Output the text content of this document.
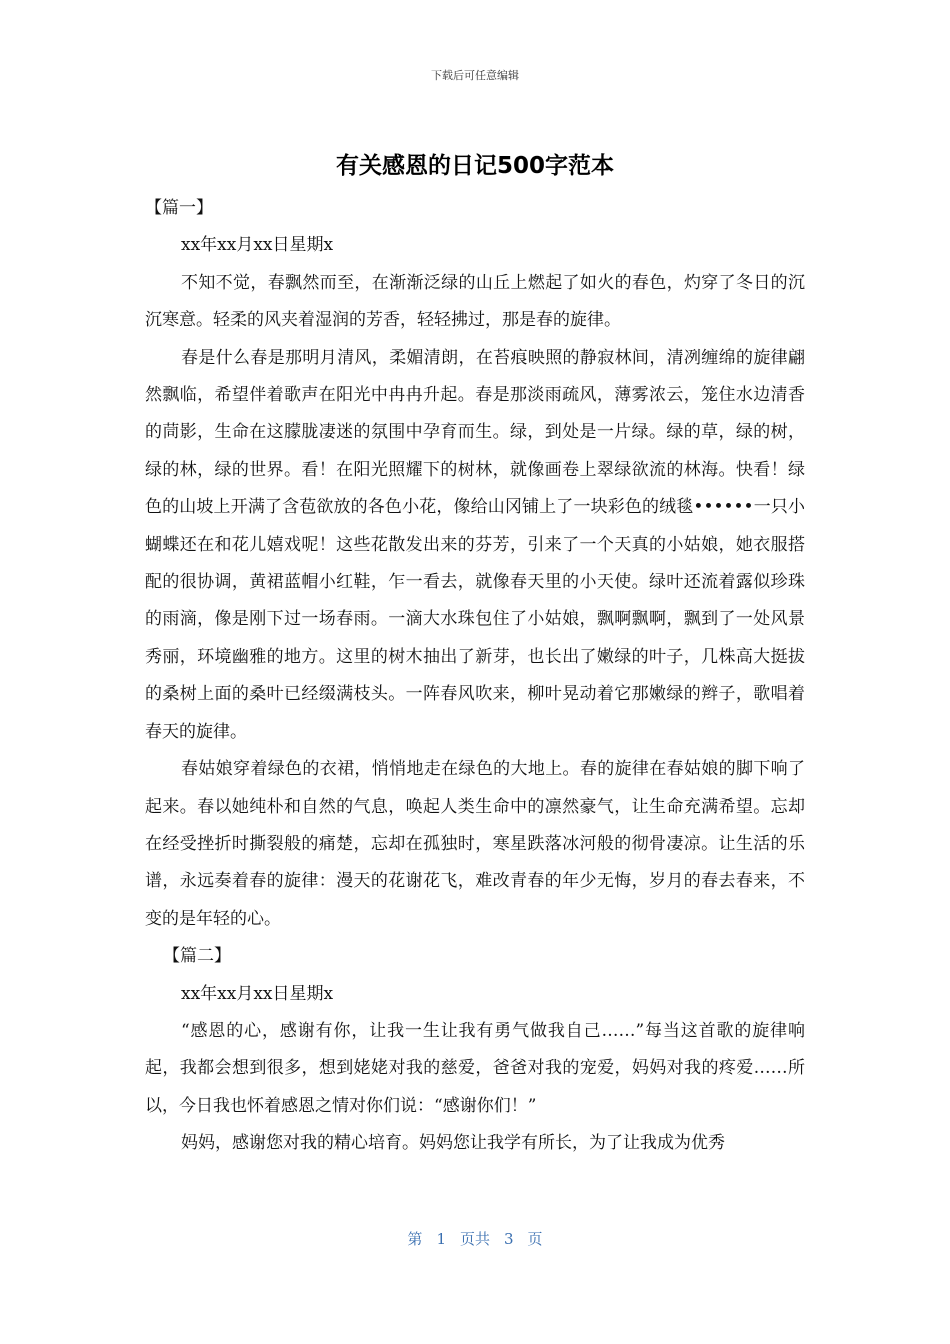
下载后可任意编辑
有关感恩的日记500字范本

【篇一】

xx年xx月xx日星期x

不知不觉，春飘然而至，在渐渐泛绿的山丘上燃起了如火的春色，灼穿了冬日的沉沉寒意。轻柔的风夹着湿润的芳香，轻轻拂过，那是春的旋律。

春是什么春是那明月清风，柔媚清朗，在苔痕映照的静寂林间，清冽缠绵的旋律翩然飘临，希望伴着歌声在阳光中冉冉升起。春是那淡雨疏风，薄雾浓云，笼住水边清香的茼影，生命在这朦胧凄迷的氛围中孕育而生。绿，到处是一片绿。绿的草，绿的树，绿的林，绿的世界。看！在阳光照耀下的树林，就像画卷上翠绿欲流的林海。快看！绿色的山坡上开满了含苞欲放的各色小花，像给山冈铺上了一块彩色的绒毯••••••一只小蝴蝶还在和花儿嬉戏呢！这些花散发出来的芬芳，引来了一个天真的小姑娘，她衣服搭配的很协调，黄裙蓝帽小红鞋，乍一看去，就像春天里的小天使。绿叶还流着露似珍珠的雨滴，像是刚下过一场春雨。一滴大水珠包住了小姑娘，飘啊飘啊，飘到了一处风景秀丽，环境幽雅的地方。这里的树木抽出了新芽，也长出了嫩绿的叶子，几株高大挺拔的桑树上面的桑叶已经缀满枝头。一阵春风吹来，柳叶晃动着它那嫩绿的辫子，歌唱着春天的旋律。

春姑娘穿着绿色的衣裙，悄悄地走在绿色的大地上。春的旋律在春姑娘的脚下响了起来。春以她纯朴和自然的气息，唤起人类生命中的凛然豪气，让生命充满希望。忘却在经受挫折时撕裂般的痛楚，忘却在孤独时，寒星跌落冰河般的彻骨凄凉。让生活的乐谱，永远奏着春的旋律：漫天的花谢花飞，难改青春的年少无悔，岁月的春去春来，不变的是年轻的心。

【篇二】

xx年xx月xx日星期x

“感恩的心，感谢有你，让我一生让我有勇气做我自己……”每当这首歌的旋律响起，我都会想到很多，想到姥姥对我的慈爱，爸爸对我的宠爱，妈妈对我的疼爱……所以，今日我也怀着感恩之情对你们说：“感谢你们！”

妈妈，感谢您对我的精心培育。妈妈您让我学有所长，为了让我成为优秀

第 1 页共 3 页
